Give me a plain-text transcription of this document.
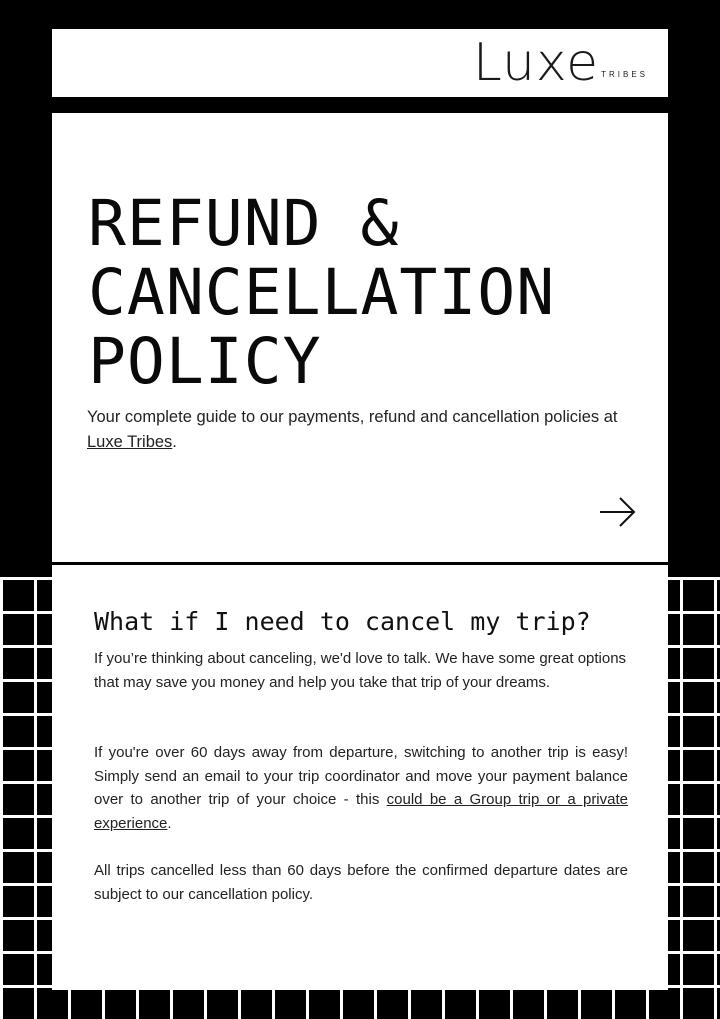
Luxe TRIBES
REFUND &
CANCELLATION
POLICY

Your complete guide to our payments, refund and cancellation policies at Luxe Tribes.

What if I need to cancel my trip?

If you’re thinking about canceling, we'd love to talk. We have some great options that may save you money and help you take that trip of your dreams.

If you're over 60 days away from departure, switching to another trip is easy! Simply send an email to your trip coordinator and move your payment balance over to another trip of your choice - this could be a Group trip or a private experience.

All trips cancelled less than 60 days before the confirmed departure dates are subject to our cancellation policy.
